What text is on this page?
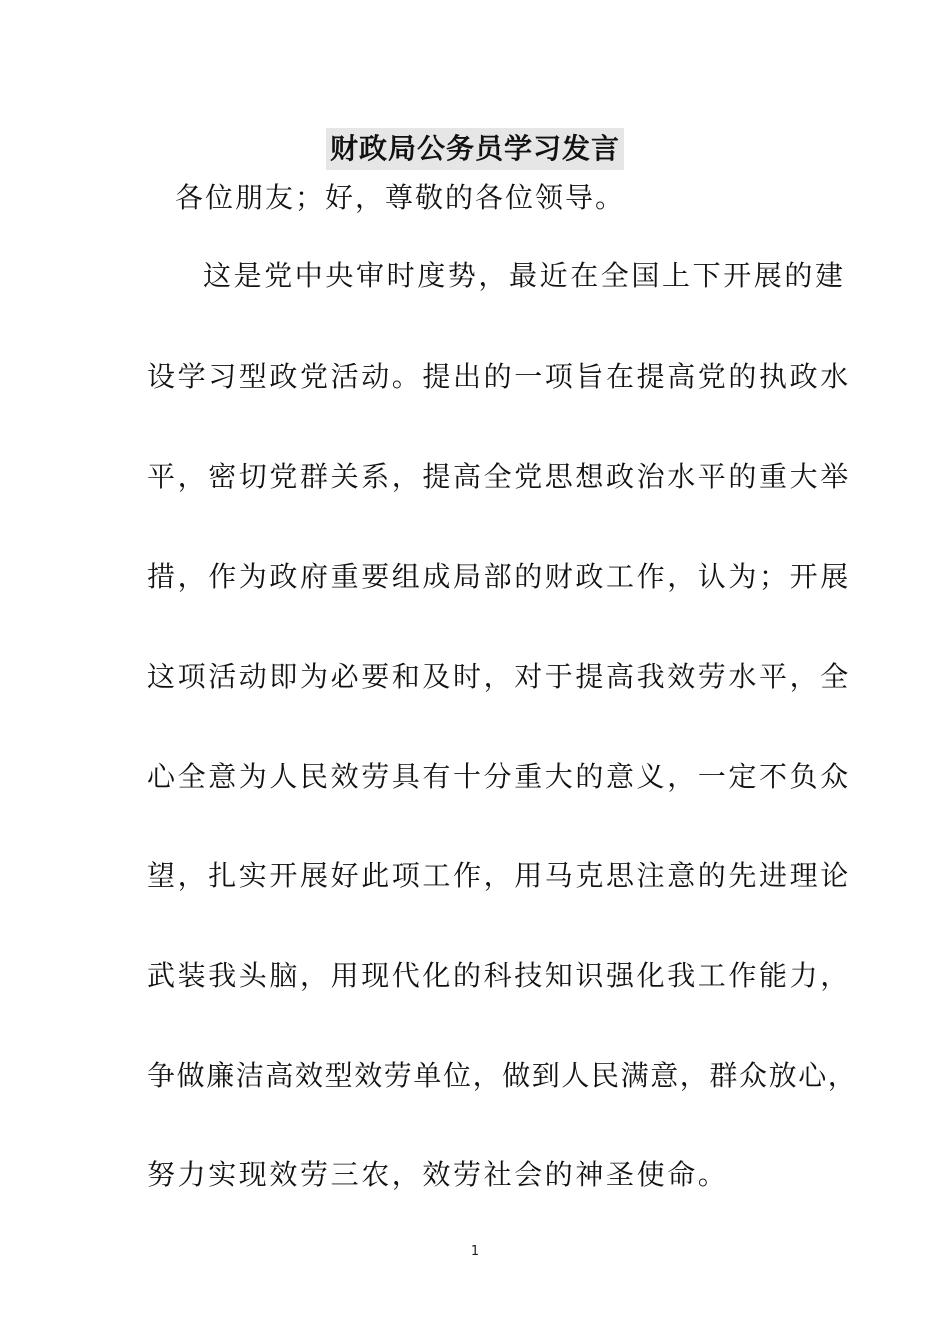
财政局公务员学习发言
各位朋友；好，尊敬的各位领导。
这是党中央审时度势，最近在全国上下开展的建
设学习型政党活动。提出的一项旨在提高党的执政水
平，密切党群关系，提高全党思想政治水平的重大举
措，作为政府重要组成局部的财政工作，认为；开展
这项活动即为必要和及时，对于提高我效劳水平，全
心全意为人民效劳具有十分重大的意义，一定不负众
望，扎实开展好此项工作，用马克思注意的先进理论
武装我头脑，用现代化的科技知识强化我工作能力，
争做廉洁高效型效劳单位，做到人民满意，群众放心，
努力实现效劳三农，效劳社会的神圣使命。
1
